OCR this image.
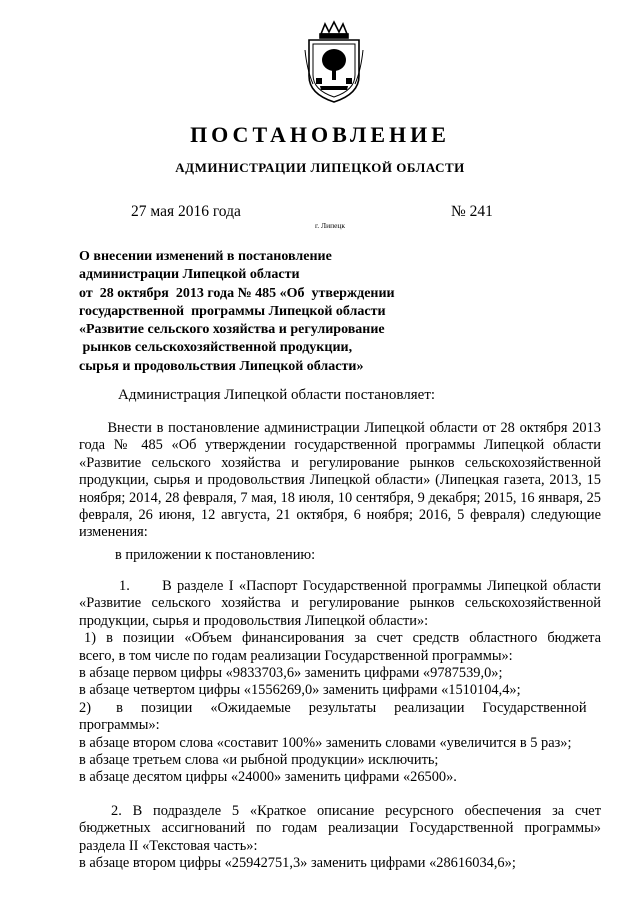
ПОСТАНОВЛЕНИЕ
АДМИНИСТРАЦИИ ЛИПЕЦКОЙ ОБЛАСТИ
27 мая 2016 года
г. Липецк
№ 241
О внесении изменений в постановление
администрации Липецкой области
от  28 октября  2013 года № 485 «Об  утверждении
государственной  программы Липецкой области
«Развитие сельского хозяйства и регулирование
рынков сельскохозяйственной продукции,
сырья и продовольствия Липецкой области»
Администрация Липецкой области постановляет:
Внести в постановление администрации Липецкой области от 28 октября 2013
года № 485 «Об утверждении государственной программы Липецкой области
«Развитие сельского хозяйства и регулирование рынков сельскохозяйственной
продукции, сырья и продовольствия Липецкой области» (Липецкая газета, 2013, 15
ноября; 2014, 28 февраля, 7 мая, 18 июля, 10 сентября, 9 декабря; 2015, 16 января, 25
февраля, 26 июня, 12 августа, 21 октября, 6 ноября; 2016, 5 февраля) следующие
изменения:
в приложении к постановлению:
1.      В разделе I «Паспорт Государственной программы Липецкой области
«Развитие сельского хозяйства и регулирование рынков сельскохозяйственной
продукции, сырья и продовольствия Липецкой области»:
1) в позиции «Объем финансирования за счет средств областного бюджета
всего, в том числе по годам реализации Государственной программы»:
в абзаце первом цифры «9833703,6» заменить цифрами «9787539,0»;
в абзаце четвертом цифры «1556269,0» заменить цифрами «1510104,4»;
2)       в     позиции     «Ожидаемые     результаты     реализации     Государственной
программы»:
в абзаце втором слова «составит 100%» заменить словами «увеличится в 5 раз»;
в абзаце третьем слова «и рыбной продукции» исключить;
в абзаце десятом цифры «24000» заменить цифрами «26500».
2. В подразделе 5 «Краткое описание ресурсного обеспечения за счет
бюджетных ассигнований по годам реализации Государственной программы»
раздела II «Текстовая часть»:
в абзаце втором цифры «25942751,3» заменить цифрами «28616034,6»;
